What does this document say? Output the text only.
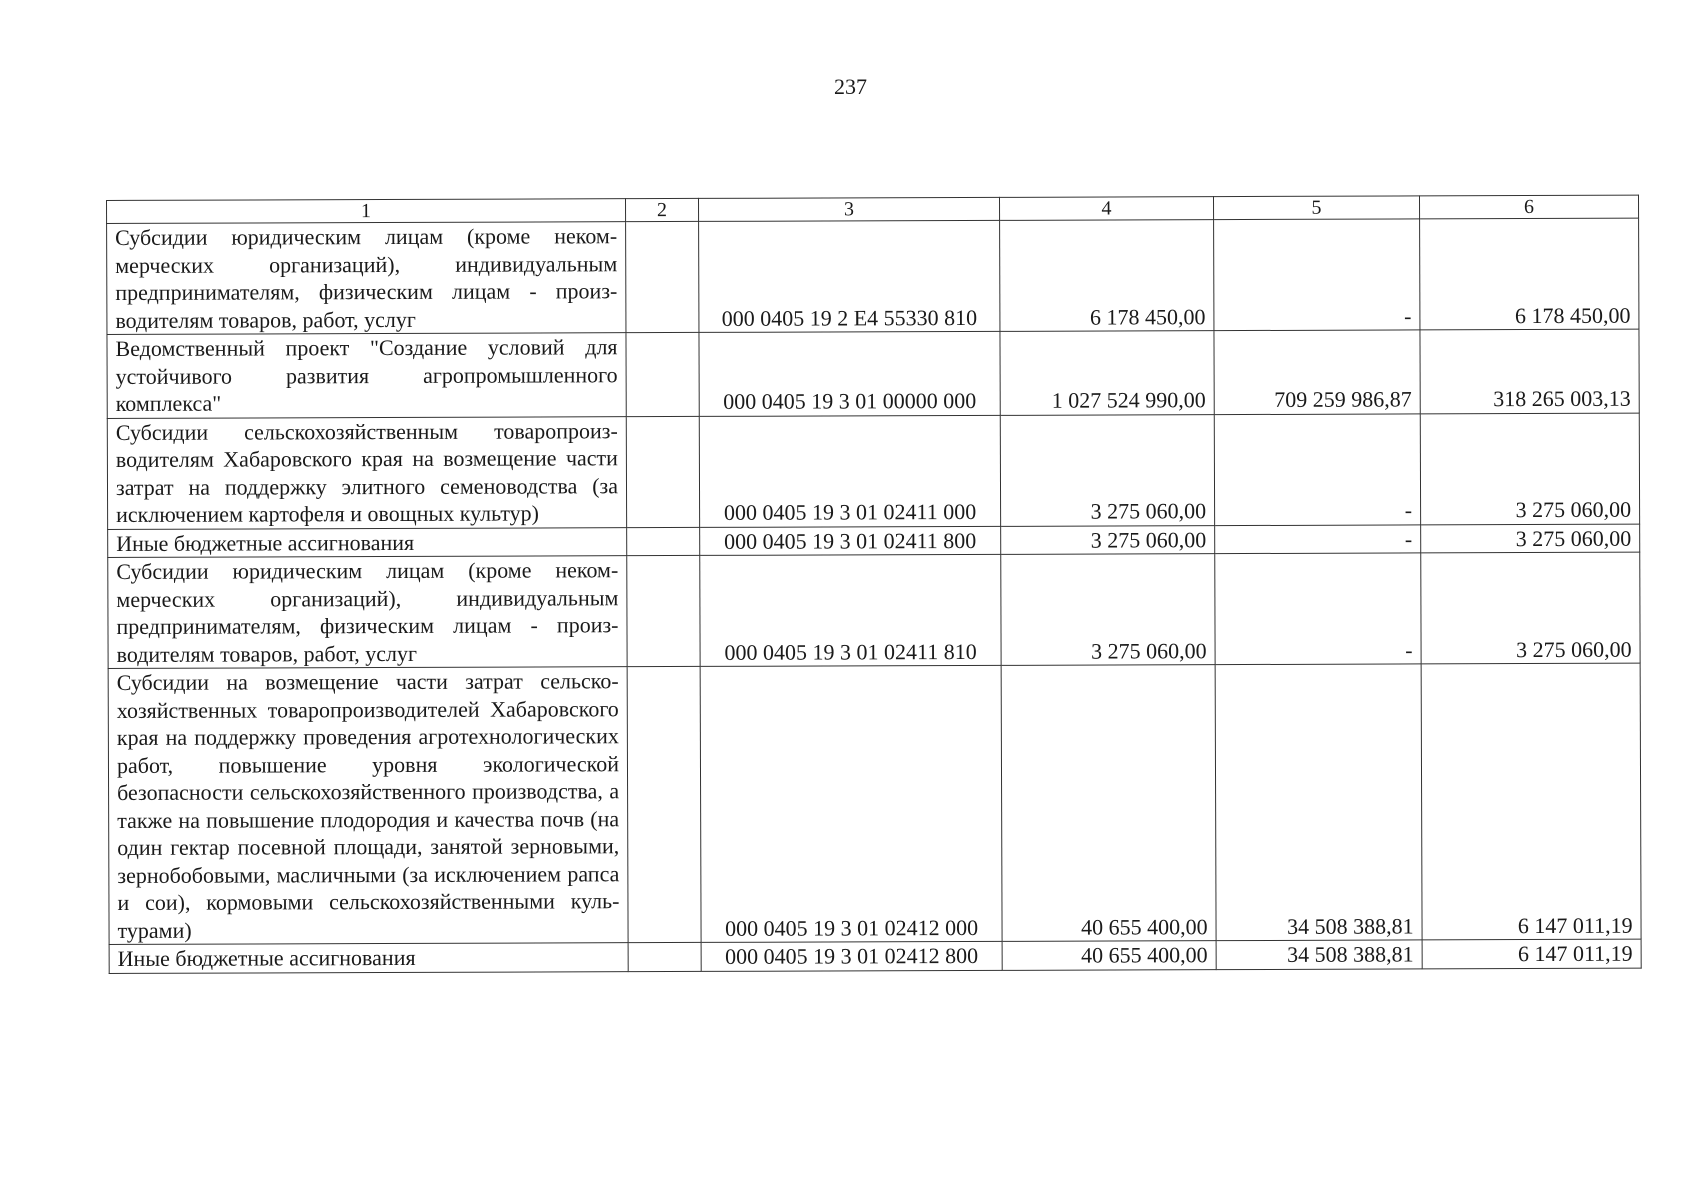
237
1	2	3	4	5	6
Субсидии юридическим лицам (кроме некоммерческих организаций), индивидуальным предпринимателям, физическим лицам - производителям товаров, работ, услуг		000 0405 19 2 Е4 55330 810	6 178 450,00	-	6 178 450,00
Ведомственный проект "Создание условий для устойчивого развития агропромышленного комплекса"		000 0405 19 3 01 00000 000	1 027 524 990,00	709 259 986,87	318 265 003,13
Субсидии сельскохозяйственным товаропроизводителям Хабаровского края на возмещение части затрат на поддержку элитного семеноводства (за исключением картофеля и овощных культур)		000 0405 19 3 01 02411 000	3 275 060,00	-	3 275 060,00
Иные бюджетные ассигнования		000 0405 19 3 01 02411 800	3 275 060,00	-	3 275 060,00
Субсидии юридическим лицам (кроме некоммерческих организаций), индивидуальным предпринимателям, физическим лицам - производителям товаров, работ, услуг		000 0405 19 3 01 02411 810	3 275 060,00	-	3 275 060,00
Субсидии на возмещение части затрат сельскохозяйственных товаропроизводителей Хабаровского края на поддержку проведения агротехнологических работ, повышение уровня экологической безопасности сельскохозяйственного производства, а также на повышение плодородия и качества почв (на один гектар посевной площади, занятой зерновыми, зернобобовыми, масличными (за исключением рапса и сои), кормовыми сельскохозяйственными культурами)		000 0405 19 3 01 02412 000	40 655 400,00	34 508 388,81	6 147 011,19
Иные бюджетные ассигнования		000 0405 19 3 01 02412 800	40 655 400,00	34 508 388,81	6 147 011,19
